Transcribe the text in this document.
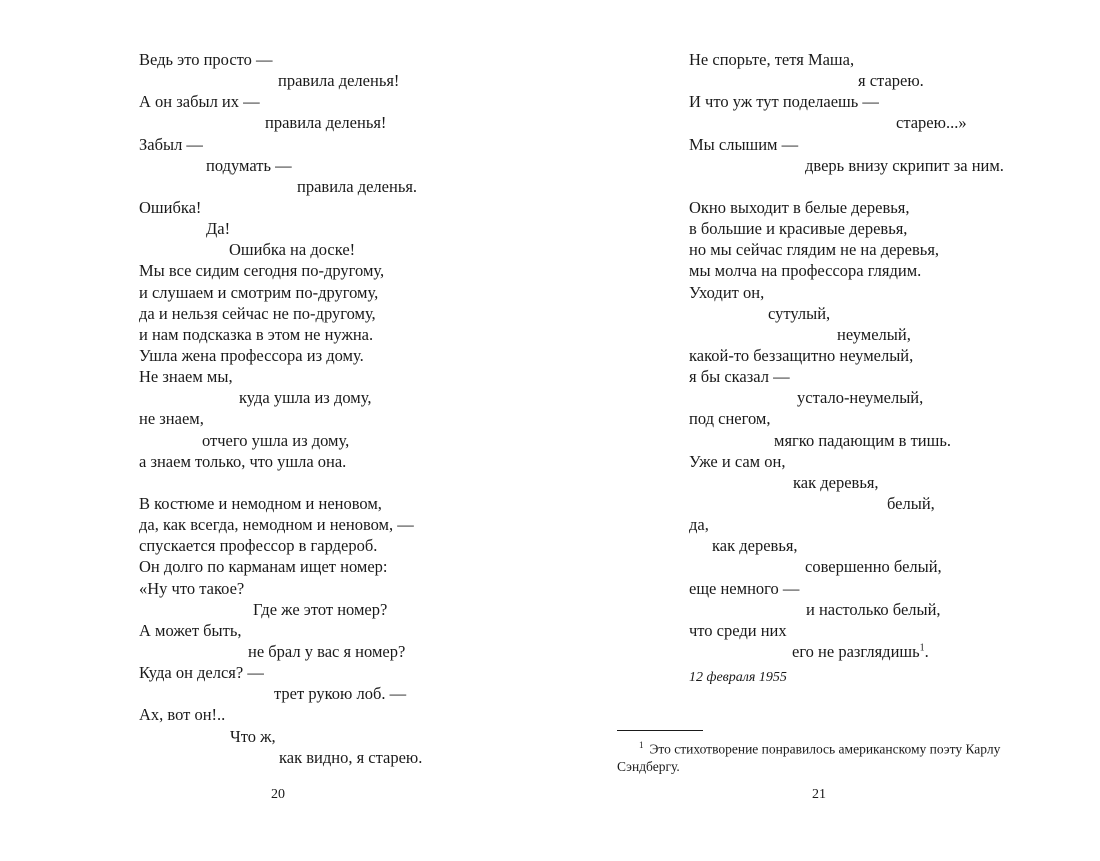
Ведь это просто —
правила деленья!
А он забыл их —
правила деленья!
Забыл —
подумать —
правила деленья.
Ошибка!
Да!
Ошибка на доске!
Мы все сидим сегодня по-другому,
и слушаем и смотрим по-другому,
да и нельзя сейчас не по-другому,
и нам подсказка в этом не нужна.
Ушла жена профессора из дому.
Не знаем мы,
куда ушла из дому,
не знаем,
отчего ушла из дому,
а знаем только, что ушла она.
В костюме и немодном и неновом,
да, как всегда, немодном и неновом, —
спускается профессор в гардероб.
Он долго по карманам ищет номер:
«Ну что такое?
Где же этот номер?
А может быть,
не брал у вас я номер?
Куда он делся? —
трет рукою лоб. —
Ах, вот он!..
Что ж,
как видно, я старею.
20
Не спорьте, тетя Маша,
я старею.
И что уж тут поделаешь —
старею...»
Мы слышим —
дверь внизу скрипит за ним.
Окно выходит в белые деревья,
в большие и красивые деревья,
но мы сейчас глядим не на деревья,
мы молча на профессора глядим.
Уходит он,
сутулый,
неумелый,
какой-то беззащитно неумелый,
я бы сказал —
устало-неумелый,
под снегом,
мягко падающим в тишь.
Уже и сам он,
как деревья,
белый,
да,
как деревья,
совершенно белый,
еще немного —
и настолько белый,
что среди них
его не разглядишь$^1$.
12 февраля 1955
$^1$ Это стихотворение понравилось американскому поэту Карлу Сэндбергу.
21
